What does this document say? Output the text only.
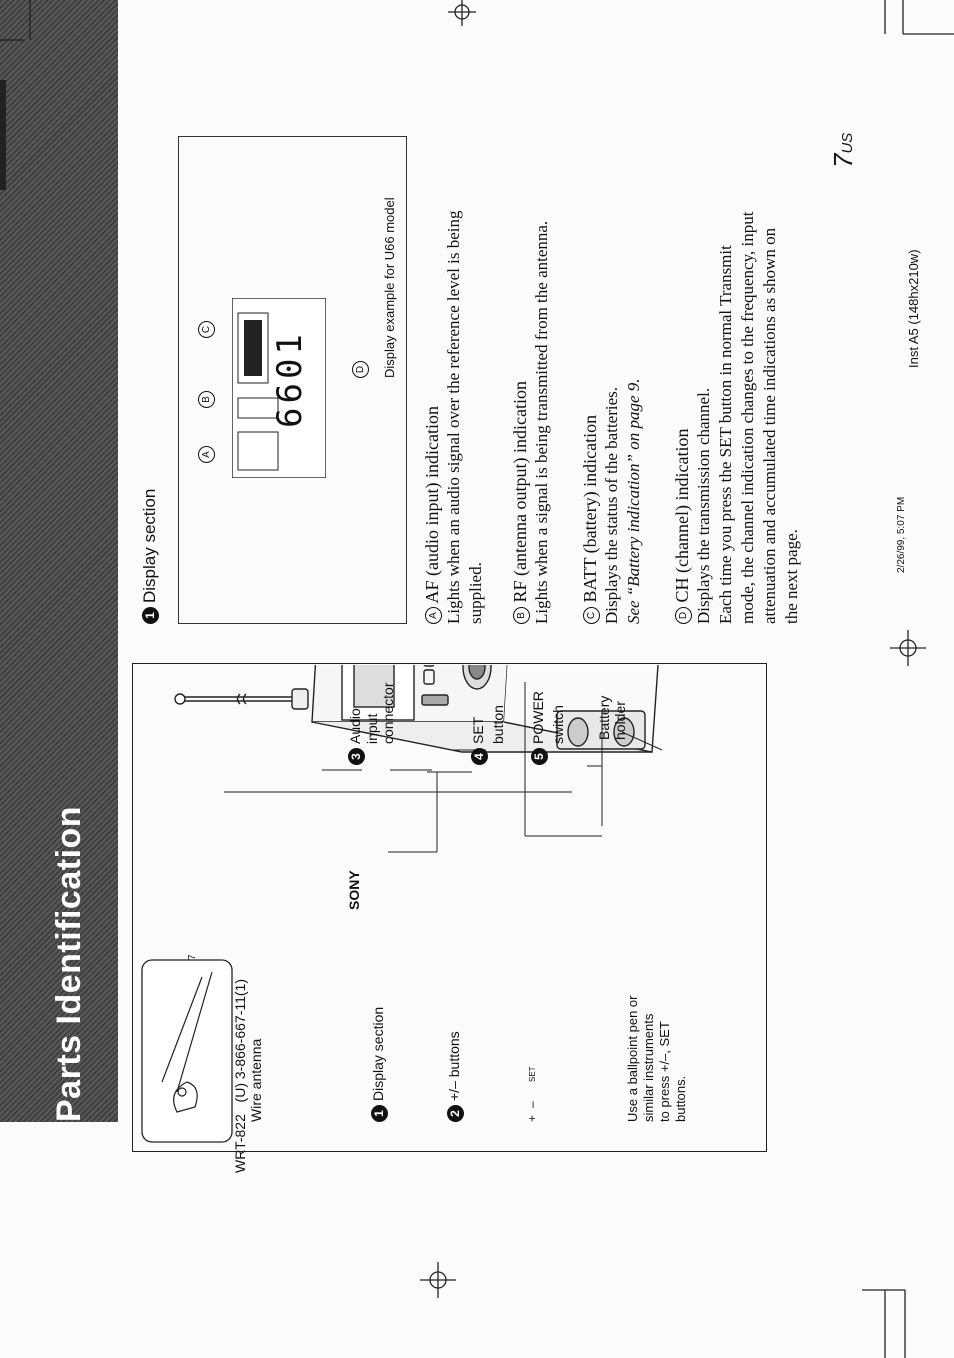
Parts Identification	Wire antenna	1Display section
2+/– buttons
3Audio input connector
4SET button
5POWER switch Battery holder
SONY
+
–
SET	Use a ballpoint pen or similar instruments to press +/–, SET buttons.
1Display section
6601
A
B
C
D Display example for U66 model
A AF (audio input) indication Lights when an audio signal over the reference level is being supplied.	B RF (antenna output) indication Lights when a signal is being transmitted from the antenna.	C BATT (battery) indication Displays the status of the batteries. See “Battery indication” on page 9.	D CH (channel) indication Displays the transmission channel. Each time you press the SET button in normal Transmit mode, the channel indication changes to the frequency, input attenuation and accumulated time indications as shown on the next page.
7US
WRT-822   (U) 3-866-667-11(1)
7
2/26/99, 5:07 PM
Inst A5 (148hx210w)
